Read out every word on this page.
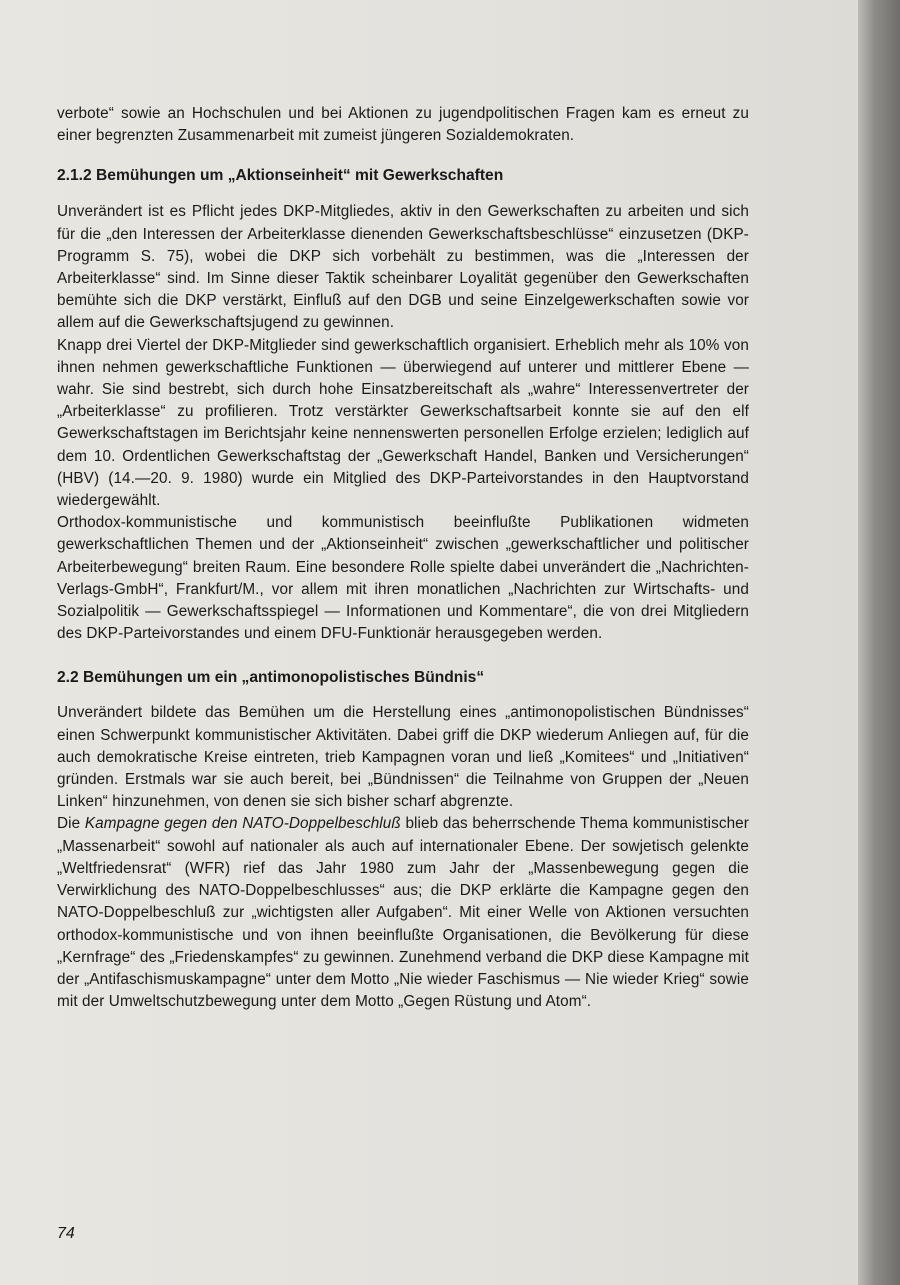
verbote“ sowie an Hochschulen und bei Aktionen zu jugendpolitischen Fragen kam es erneut zu einer begrenzten Zusammenarbeit mit zumeist jüngeren Sozialdemokraten.

2.1.2 Bemühungen um „Aktionseinheit“ mit Gewerkschaften

Unverändert ist es Pflicht jedes DKP-Mitgliedes, aktiv in den Gewerkschaften zu arbeiten und sich für die „den Interessen der Arbeiterklasse dienenden Gewerkschaftsbeschlüsse“ einzusetzen (DKP-Programm S. 75), wobei die DKP sich vorbehält zu bestimmen, was die „Interessen der Arbeiterklasse“ sind. Im Sinne dieser Taktik scheinbarer Loyalität gegenüber den Gewerkschaften bemühte sich die DKP verstärkt, Einfluß auf den DGB und seine Einzelgewerkschaften sowie vor allem auf die Gewerkschaftsjugend zu gewinnen.

Knapp drei Viertel der DKP-Mitglieder sind gewerkschaftlich organisiert. Erheblich mehr als 10% von ihnen nehmen gewerkschaftliche Funktionen — überwiegend auf unterer und mittlerer Ebene — wahr. Sie sind bestrebt, sich durch hohe Einsatzbereitschaft als „wahre“ Interessenvertreter der „Arbeiterklasse“ zu profilieren. Trotz verstärkter Gewerkschaftsarbeit konnte sie auf den elf Gewerkschaftstagen im Berichtsjahr keine nennenswerten personellen Erfolge erzielen; lediglich auf dem 10. Ordentlichen Gewerkschaftstag der „Gewerkschaft Handel, Banken und Versicherungen“ (HBV) (14.—20. 9. 1980) wurde ein Mitglied des DKP-Parteivorstandes in den Hauptvorstand wiedergewählt.

Orthodox-kommunistische und kommunistisch beeinflußte Publikationen widmeten gewerkschaftlichen Themen und der „Aktionseinheit“ zwischen „gewerkschaftlicher und politischer Arbeiterbewegung“ breiten Raum. Eine besondere Rolle spielte dabei unverändert die „Nachrichten-Verlags-GmbH“, Frankfurt/M., vor allem mit ihren monatlichen „Nachrichten zur Wirtschafts- und Sozialpolitik — Gewerkschaftsspiegel — Informationen und Kommentare“, die von drei Mitgliedern des DKP-Parteivorstandes und einem DFU-Funktionär herausgegeben werden.

2.2 Bemühungen um ein „antimonopolistisches Bündnis“

Unverändert bildete das Bemühen um die Herstellung eines „antimonopolistischen Bündnisses“ einen Schwerpunkt kommunistischer Aktivitäten. Dabei griff die DKP wiederum Anliegen auf, für die auch demokratische Kreise eintreten, trieb Kampagnen voran und ließ „Komitees“ und „Initiativen“ gründen. Erstmals war sie auch bereit, bei „Bündnissen“ die Teilnahme von Gruppen der „Neuen Linken“ hinzunehmen, von denen sie sich bisher scharf abgrenzte.

Die Kampagne gegen den NATO-Doppelbeschluß blieb das beherrschende Thema kommunistischer „Massenarbeit“ sowohl auf nationaler als auch auf internationaler Ebene. Der sowjetisch gelenkte „Weltfriedensrat“ (WFR) rief das Jahr 1980 zum Jahr der „Massenbewegung gegen die Verwirklichung des NATO-Doppelbeschlusses“ aus; die DKP erklärte die Kampagne gegen den NATO-Doppelbeschluß zur „wichtigsten aller Aufgaben“. Mit einer Welle von Aktionen versuchten orthodox-kommunistische und von ihnen beeinflußte Organisationen, die Bevölkerung für diese „Kernfrage“ des „Friedenskampfes“ zu gewinnen. Zunehmend verband die DKP diese Kampagne mit der „Antifaschismuskampagne“ unter dem Motto „Nie wieder Faschismus — Nie wieder Krieg“ sowie mit der Umweltschutzbewegung unter dem Motto „Gegen Rüstung und Atom“.

74
